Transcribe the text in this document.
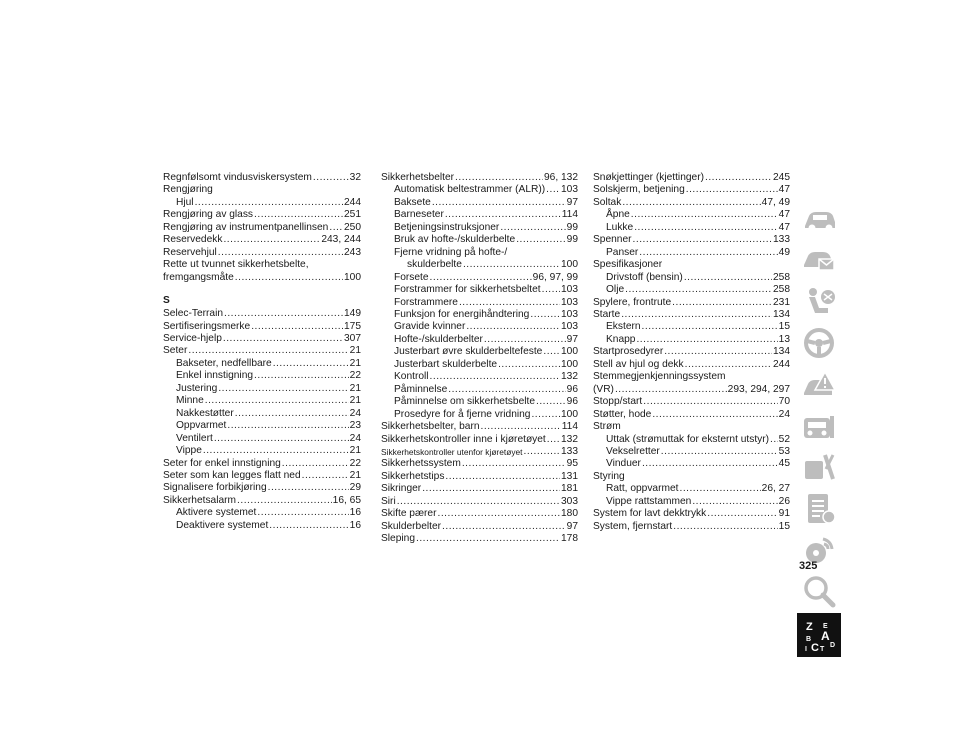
Regnfølsomt vindusviskersystem .....	32
Rengjøring
Hjul .....	244
Rengjøring av glass .....	251
Rengjøring av instrumentpanellinsen ..... 250
Reservedekk .....	243, 244
Reservehjul .....	243
Rette ut tvunnet sikkerhetsbelte,
fremgangsmåte .....	100
S
Selec-Terrain .....	149
Sertifiseringsmerke .....	175
Service-hjelp .....	307
Seter .....	21
Bakseter, nedfellbare .....	21
Enkel innstigning .....	22
Justering .....	21
Minne .....	21
Nakkestøtter .....	24
Oppvarmet .....	23
Ventilert .....	24
Vippe .....	21
Seter for enkel innstigning .....	22
Seter som kan legges flatt ned .....	21
Signalisere forbikjøring .....	29
Sikkerhetsalarm .....	16, 65
Aktivere systemet .....	16
Deaktivere systemet .....	16
Sikkerhetsbelter .....	96, 132
Automatisk beltestrammer (ALR)) ..... 103
Baksete .....	97
Barneseter .....	114
Betjeningsinstruksjoner .....	99
Bruk av hofte-/skulderbelte .....	99
Fjerne vridning på hofte-/
skulderbelte .....	100
Forsete .....	96, 97, 99
Forstrammer for sikkerhetsbeltet ..... 103
Forstrammere .....	103
Funksjon for energihåndtering .....	103
Gravide kvinner .....	103
Hofte-/skulderbelter .....	97
Justerbart øvre skulderbeltefeste ..... 100
Justerbart skulderbelte .....	100
Kontroll .....	132
Påminnelse .....	96
Påminnelse om sikkerhetsbelte .....	96
Prosedyre for å fjerne vridning .....	100
Sikkerhetsbelter, barn .....	114
Sikkerhetskontroller inne i kjøretøyet ..... 132
Sikkerhetskontroller utenfor kjøretøyet .....	133
Sikkerhetssystem .....	95
Sikkerhetstips .....	131
Sikringer .....	181
Siri .....	303
Skifte pærer .....	180
Skulderbelter .....	97
Sleping .....	178
Snøkjettinger (kjettinger) .....	245
Solskjerm, betjening .....	47
Soltak .....	47, 49
Åpne .....	47
Lukke .....	47
Spenner .....	133
Panser .....	49
Spesifikasjoner
Drivstoff (bensin) .....	258
Olje .....	258
Spylere, frontrute .....	231
Starte .....	134
Ekstern .....	15
Knapp .....	13
Startprosedyrer .....	134
Stell av hjul og dekk .....	244
Stemmegjenkjenningssystem
(VR) .....	293, 294, 297
Stopp/start .....	70
Støtter, hode .....	24
Strøm
Uttak (strømuttak for eksternt utstyr) ..... 52
Vekselretter .....	53
Vinduer .....	45
Styring
Ratt, oppvarmet .....	26, 27
Vippe rattstammen .....	26
System for lavt dekktrykk .....	91
System, fjernstart .....	15
Z
B
E
A
I C T
D
325
